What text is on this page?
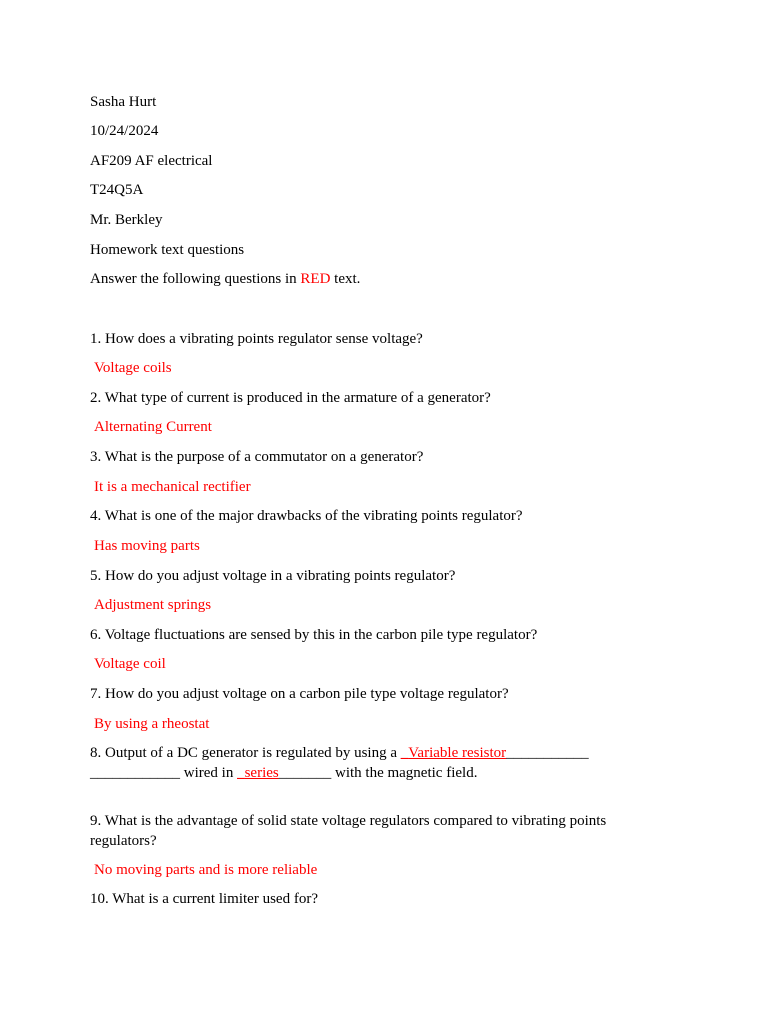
Sasha Hurt
10/24/2024
AF209 AF electrical
T24Q5A
Mr. Berkley
Homework text questions
Answer the following questions in RED text.
1. How does a vibrating points regulator sense voltage?
Voltage coils
2. What type of current is produced in the armature of a generator?
Alternating Current
3. What is the purpose of a commutator on a generator?
It is a mechanical rectifier
4. What is one of the major drawbacks of the vibrating points regulator?
Has moving parts
5. How do you adjust voltage in a vibrating points regulator?
Adjustment springs
6. Voltage fluctuations are sensed by this in the carbon pile type regulator?
Voltage coil
7. How do you adjust voltage on a carbon pile type voltage regulator?
By using a rheostat
8. Output of a DC generator is regulated by using a _Variable resistor___________
____________ wired in _series_______ with the magnetic field.
9. What is the advantage of solid state voltage regulators compared to vibrating points regulators?
No moving parts and is more reliable
10. What is a current limiter used for?
